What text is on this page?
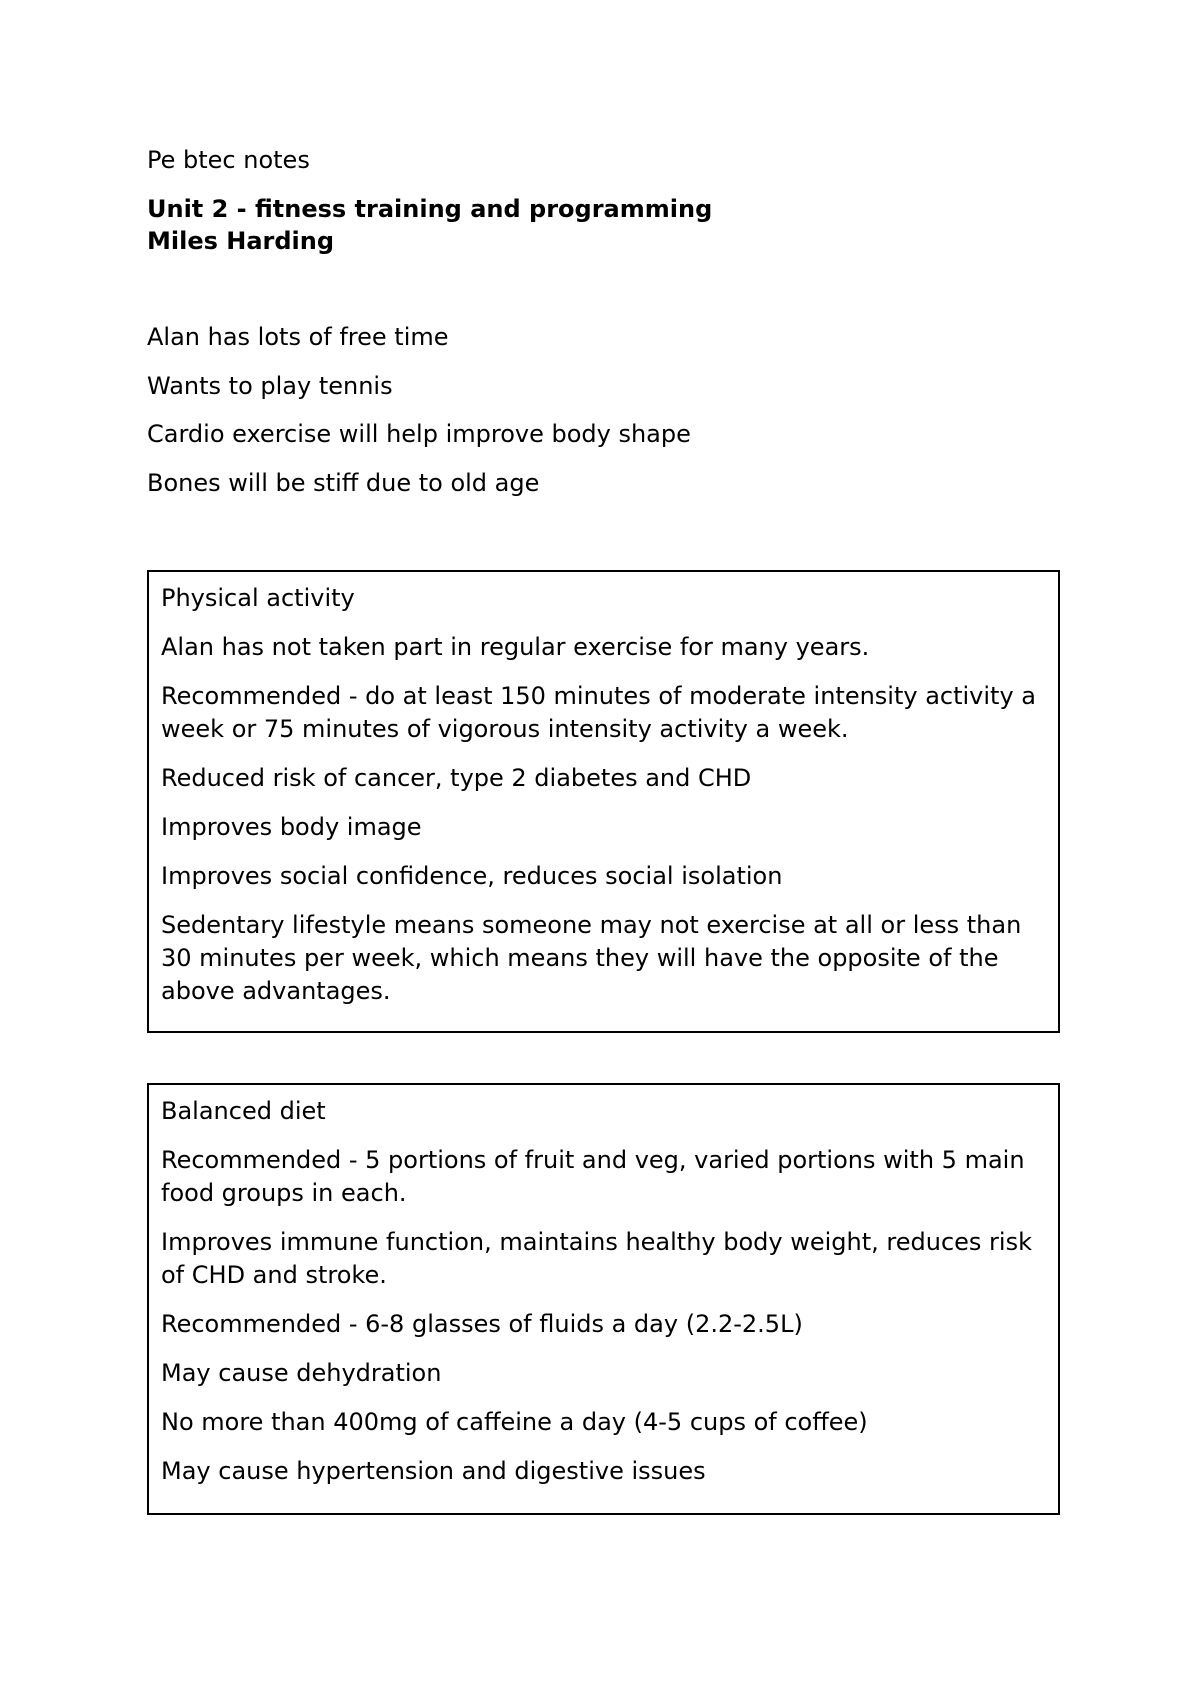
Pe btec notes

Unit 2 - fitness training and programming
Miles Harding
Alan has lots of free time
Wants to play tennis
Cardio exercise will help improve body shape
Bones will be stiff due to old age

Physical activity

Alan has not taken part in regular exercise for many years.

Recommended - do at least 150 minutes of moderate intensity activity a week or 75 minutes of vigorous intensity activity a week.

Reduced risk of cancer, type 2 diabetes and CHD

Improves body image

Improves social confidence, reduces social isolation

Sedentary lifestyle means someone may not exercise at all or less than 30 minutes per week, which means they will have the opposite of the above advantages.

Balanced diet

Recommended - 5 portions of fruit and veg, varied portions with 5 main food groups in each.

Improves immune function, maintains healthy body weight, reduces risk of CHD and stroke.

Recommended - 6-8 glasses of fluids a day (2.2-2.5L)

May cause dehydration

No more than 400mg of caffeine a day (4-5 cups of coffee)

May cause hypertension and digestive issues
